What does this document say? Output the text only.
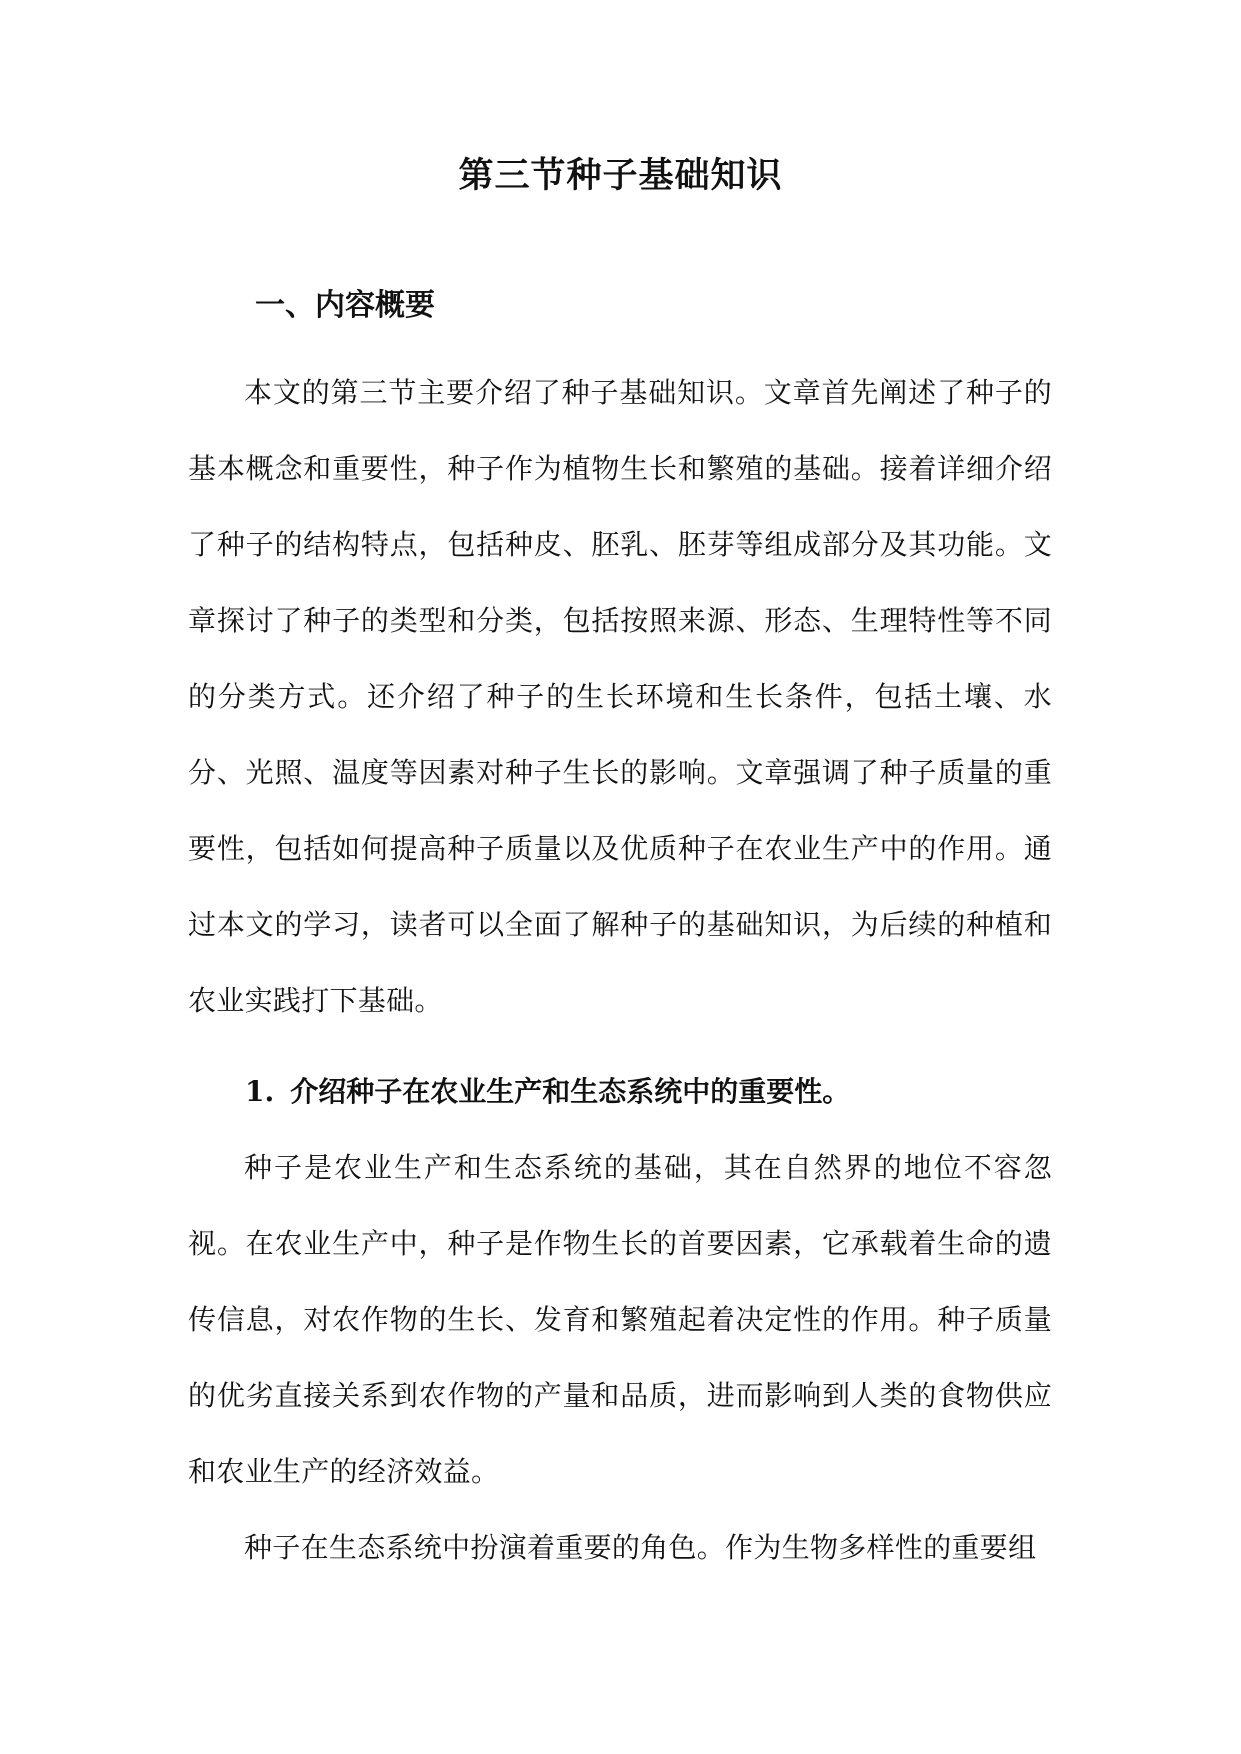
第三节种子基础知识
一、内容概要

本文的第三节主要介绍了种子基础知识。文章首先阐述了种子的基本概念和重要性，种子作为植物生长和繁殖的基础。接着详细介绍了种子的结构特点，包括种皮、胚乳、胚芽等组成部分及其功能。文章探讨了种子的类型和分类，包括按照来源、形态、生理特性等不同的分类方式。还介绍了种子的生长环境和生长条件，包括土壤、水分、光照、温度等因素对种子生长的影响。文章强调了种子质量的重要性，包括如何提高种子质量以及优质种子在农业生产中的作用。通过本文的学习，读者可以全面了解种子的基础知识，为后续的种植和农业实践打下基础。

1. 介绍种子在农业生产和生态系统中的重要性。

种子是农业生产和生态系统的基础，其在自然界的地位不容忽视。在农业生产中，种子是作物生长的首要因素，它承载着生命的遗传信息，对农作物的生长、发育和繁殖起着决定性的作用。种子质量的优劣直接关系到农作物的产量和品质，进而影响到人类的食物供应和农业生产的经济效益。

种子在生态系统中扮演着重要的角色。作为生物多样性的重要组
